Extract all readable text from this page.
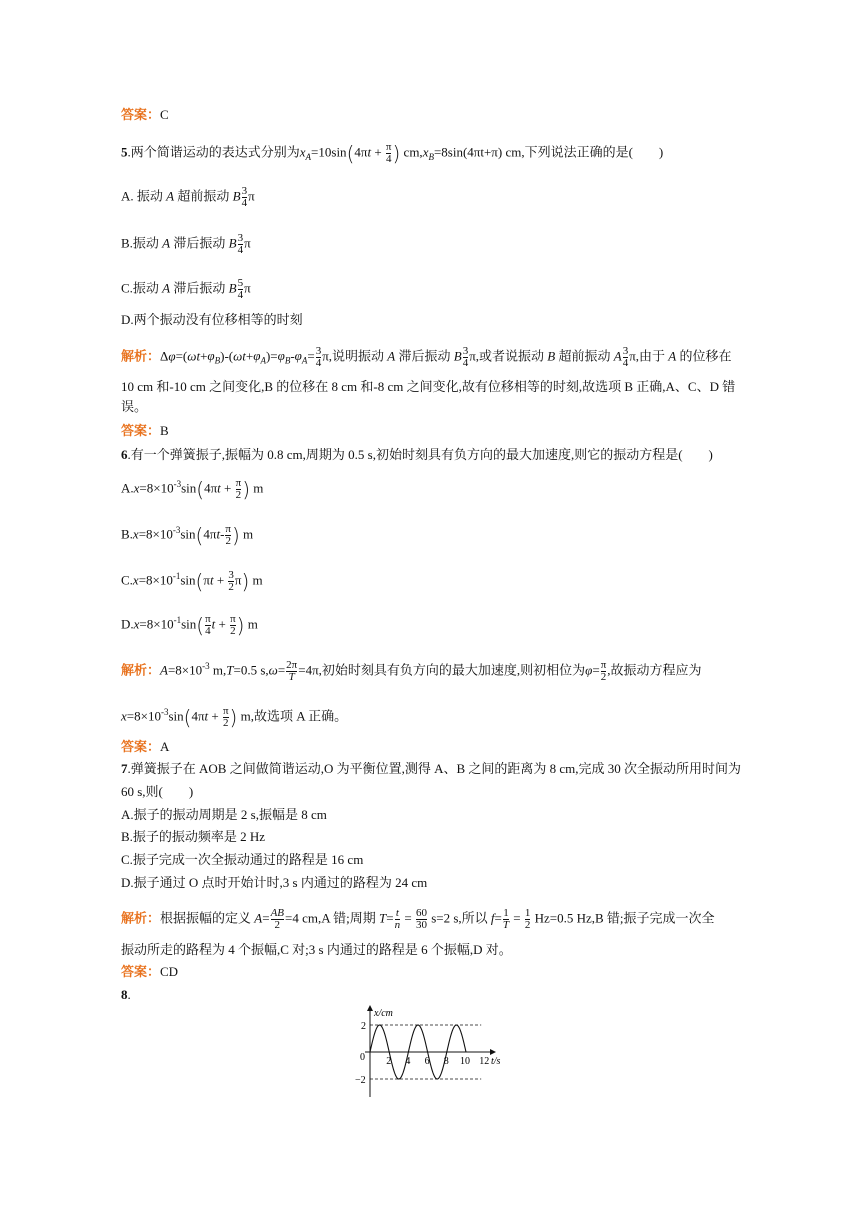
答案：C
5.两个简谐运动的表达式分别为$x_A=10\sin(4\pi t + \frac{\pi}{4}$ ) $cm,x_B=8\sin(4\pi t+\pi)$ cm,下列说法正确的是(　　)
A. 振动 A 超前振动 B $\frac{3}{4}$ π
B.振动 A 滞后振动 B $\frac{3}{4}$ π
C.振动 A 滞后振动 B $\frac{5}{4}$ π
D.两个振动没有位移相等的时刻
解析：$\Delta\varphi=(\omega t+\varphi_B)-(\omega t+\varphi_A)=\varphi_B-\varphi_A= \frac{3}{4} \pi$,说明振动 A 滞后振动 B $\frac{3}{4} \pi$,或者说振动 B 超前振动 A $\frac{3}{4} \pi$,由于 A 的位移在
10 cm 和-10 cm 之间变化,B 的位移在 8 cm 和-8 cm 之间变化,故有位移相等的时刻,故选项 B 正确,A、C、D 错
误。
答案：B
6.有一个弹簧振子,振幅为 0.8 cm,周期为 0.5 s,初始时刻具有负方向的最大加速度,则它的振动方程是(　　)
$A.x=8\times 10^{-3}\sin(4\pi t + \frac{\pi}{2}$ ) m
$B.x=8\times 10^{-3}\sin(4\pi t- \frac{\pi}{2}$ ) m
$C.x=8\times 10^{-1}\sin(\pi t + \frac{3}{2} \pi)$ m
$D.x=8\times 10^{-1}\sin( \frac{\pi}{4}$ $t + \frac{\pi}{2}$ ) m
解析：$A=8\times 10^{-3}$ m,T=0.5 $s,\omega= \frac{2\pi}{T} =4\pi$,初始时刻具有负方向的最大加速度,则初相位为$\varphi= \frac{\pi}{2}$ ,故振动方程应为
$x=8\times 10^{-3}\sin(4\pi t + \frac{\pi}{2}$ ) m,故选项 A 正确。
答案：A
7.弹簧振子在 AOB 之间做简谐运动,O 为平衡位置,测得 A、B 之间的距离为 8 cm,完成 30 次全振动所用时间为
60 s,则(　　)
A.振子的振动周期是 2 s,振幅是 8 cm
B.振子的振动频率是 2 Hz
C.振子完成一次全振动通过的路程是 16 cm
D.振子通过 O 点时开始计时,3 s 内通过的路程为 24 cm
解析：根据振幅的定义 $A= \frac{AB}{2} =4$ cm,A 错;周期 $T= \frac{t}{n} = \frac{60}{30} s=2$ s,所以 $f= \frac{1}{T} = \frac{1}{2} Hz=0.5$ Hz,B 错;振子完成一次全
振动所走的路程为 4 个振幅,C 对;3 s 内通过的路程是 6 个振幅,D 对。
答案：CD
8.
x/cm
t/s
0
2
−2
2 4 6 8 10 12
